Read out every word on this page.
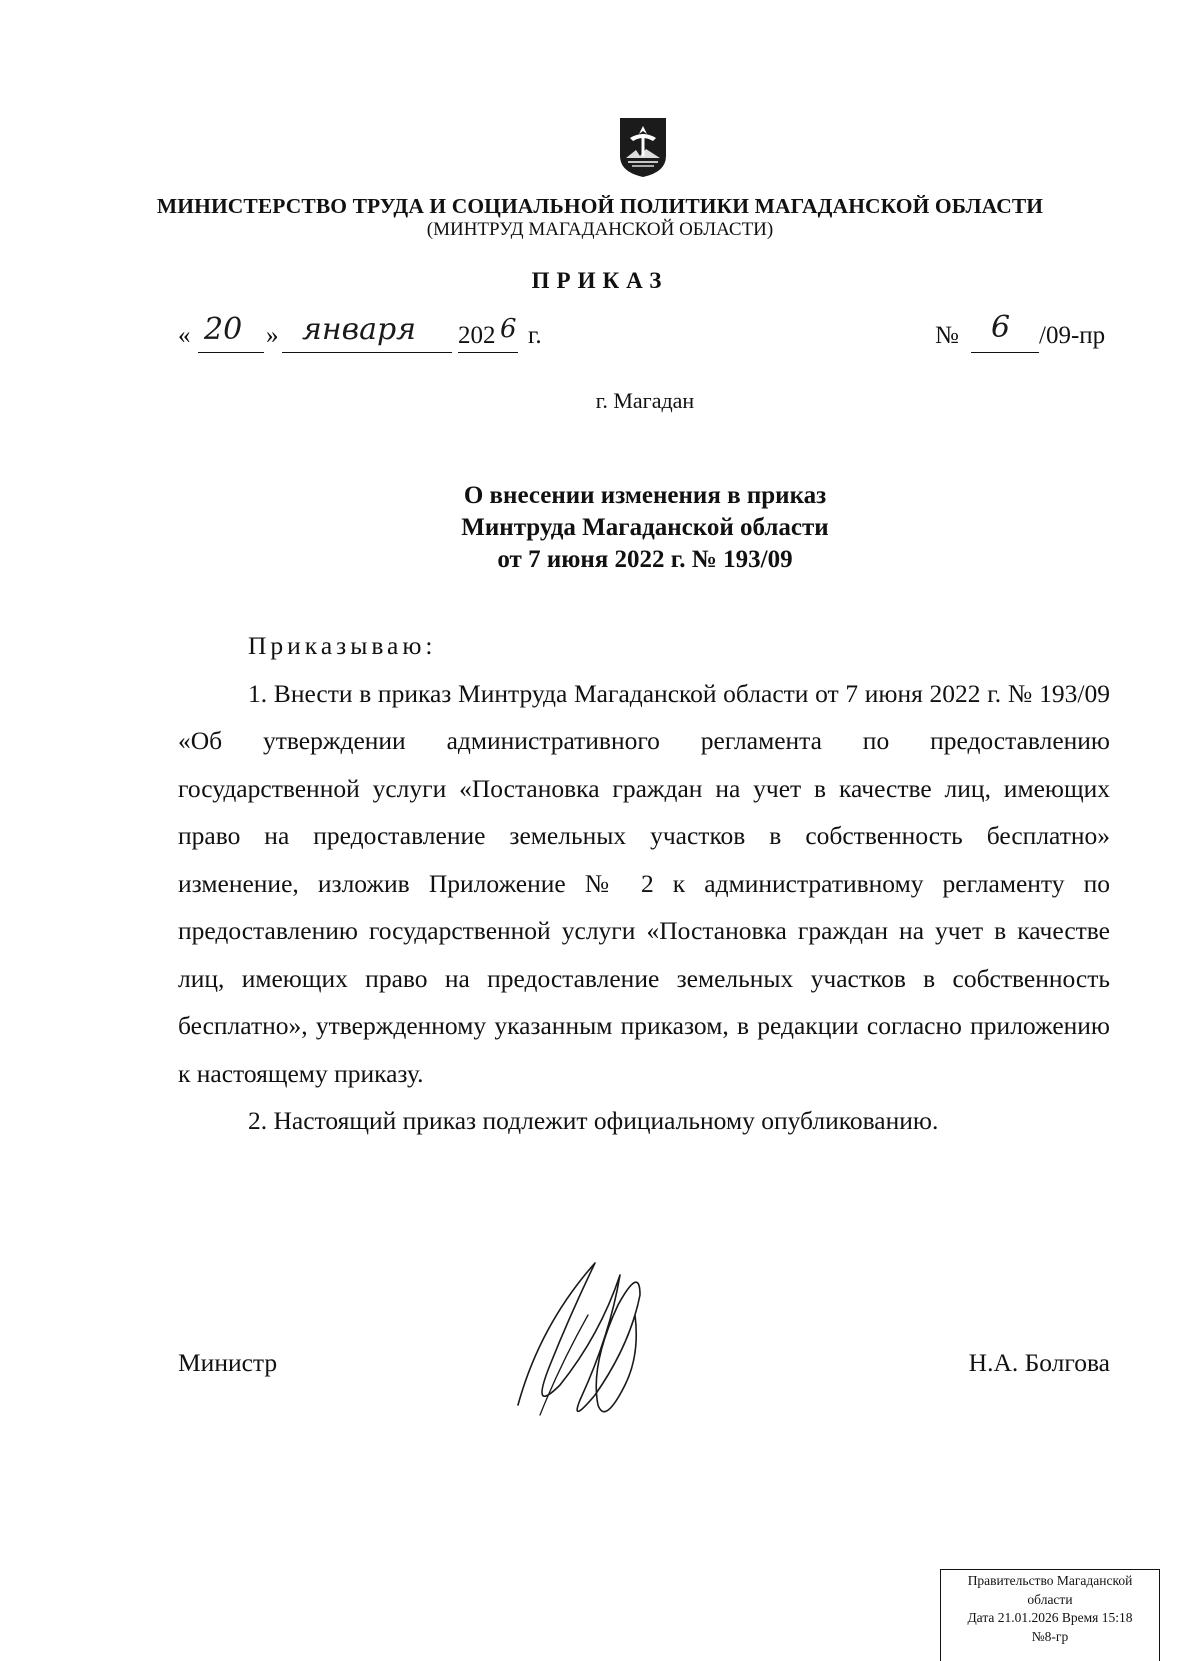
МИНИСТЕРСТВО ТРУДА И СОЦИАЛЬНОЙ ПОЛИТИКИ МАГАДАНСКОЙ ОБЛАСТИ
(МИНТРУД МАГАДАНСКОЙ ОБЛАСТИ)
ПРИКАЗ
« 20 » января 202 6 г.	№ 6 /09-пр
г. Магадан
О внесении изменения в приказ
Минтруда Магаданской области
от 7 июня 2022 г. № 193/09

Приказываю:

1. Внести в приказ Минтруда Магаданской области от 7 июня 2022 г. № 193/09 «Об утверждении административного регламента по предоставлению государственной услуги «Постановка граждан на учет в качестве лиц, имеющих право на предоставление земельных участков в собственность бесплатно» изменение, изложив Приложение № 2 к административному регламенту по предоставлению государственной услуги «Постановка граждан на учет в качестве лиц, имеющих право на предоставление земельных участков в собственность бесплатно», утвержденному указанным приказом, в редакции согласно приложению к настоящему приказу.

2. Настоящий приказ подлежит официальному опубликованию.

Министр	Н.А. Болгова
Правительство Магаданской
области
Дата 21.01.2026 Время 15:18
№8-гр
